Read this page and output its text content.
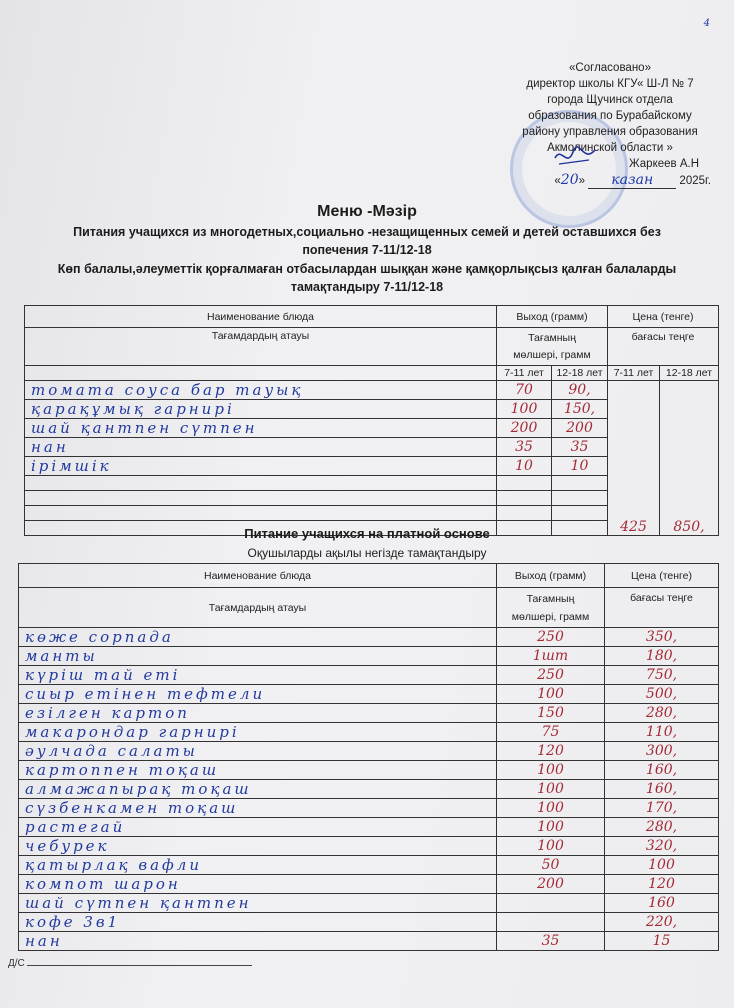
4
«Согласовано»
директор школы КГУ« Ш-Л № 7
города Щучинск отдела
образования по Бурабайскому
району управления образования
Акмолинской области »
Жаркеев А.Н
«20» казан 2025г.
Меню -Мәзір
Питания учащихся из многодетных,социально -незащищенных семей и детей оставшихся без
попечения 7-11/12-18
Көп балалы,әлеуметтік қорғалмаған отбасылардан шыққан және қамқорлықсыз қалған балаларды
тамақтандыру 7-11/12-18
Наименование блюда	Выход (грамм)		Цена (тенге)	
Тағамдардың атауы	Тағамның
мөлшері, грамм		бағасы теңге	
	7-11 лет	12-18 лет	7-11 лет	12-18 лет
томата соуса бар тауық	70	90,	425	850,
қарақұмық гарнирі	100	150,		
шай қантпен сүтпен	200	200		
нан	35	35		
ірімшік	10	10		

Питание учащихся на платной основе
Оқушыларды ақылы негізде тамақтандыру
Наименование блюда	Выход (грамм)	Цена (тенге)
Тағамдардың атауы	Тағамның
мөлшері, грамм	бағасы теңге
көже сорпада	250	350,
манты	1шт	180,
күріш тай еті	250	750,
сиыр етінен тефтели	100	500,
езілген картоп	150	280,
макарондар гарнирі	75	110,
әулчада салаты	120	300,
картоппен тоқаш	100	160,
алмажапырақ тоқаш	100	160,
сүзбенкамен тоқаш	100	170,
растегай	100	280,
чебурек	100	320,
қатырлақ вафли	50	100
компот шарон	200	120
шай сүтпен қантпен		160
кофе 3в1		220,
нан	35	15
Д/С
